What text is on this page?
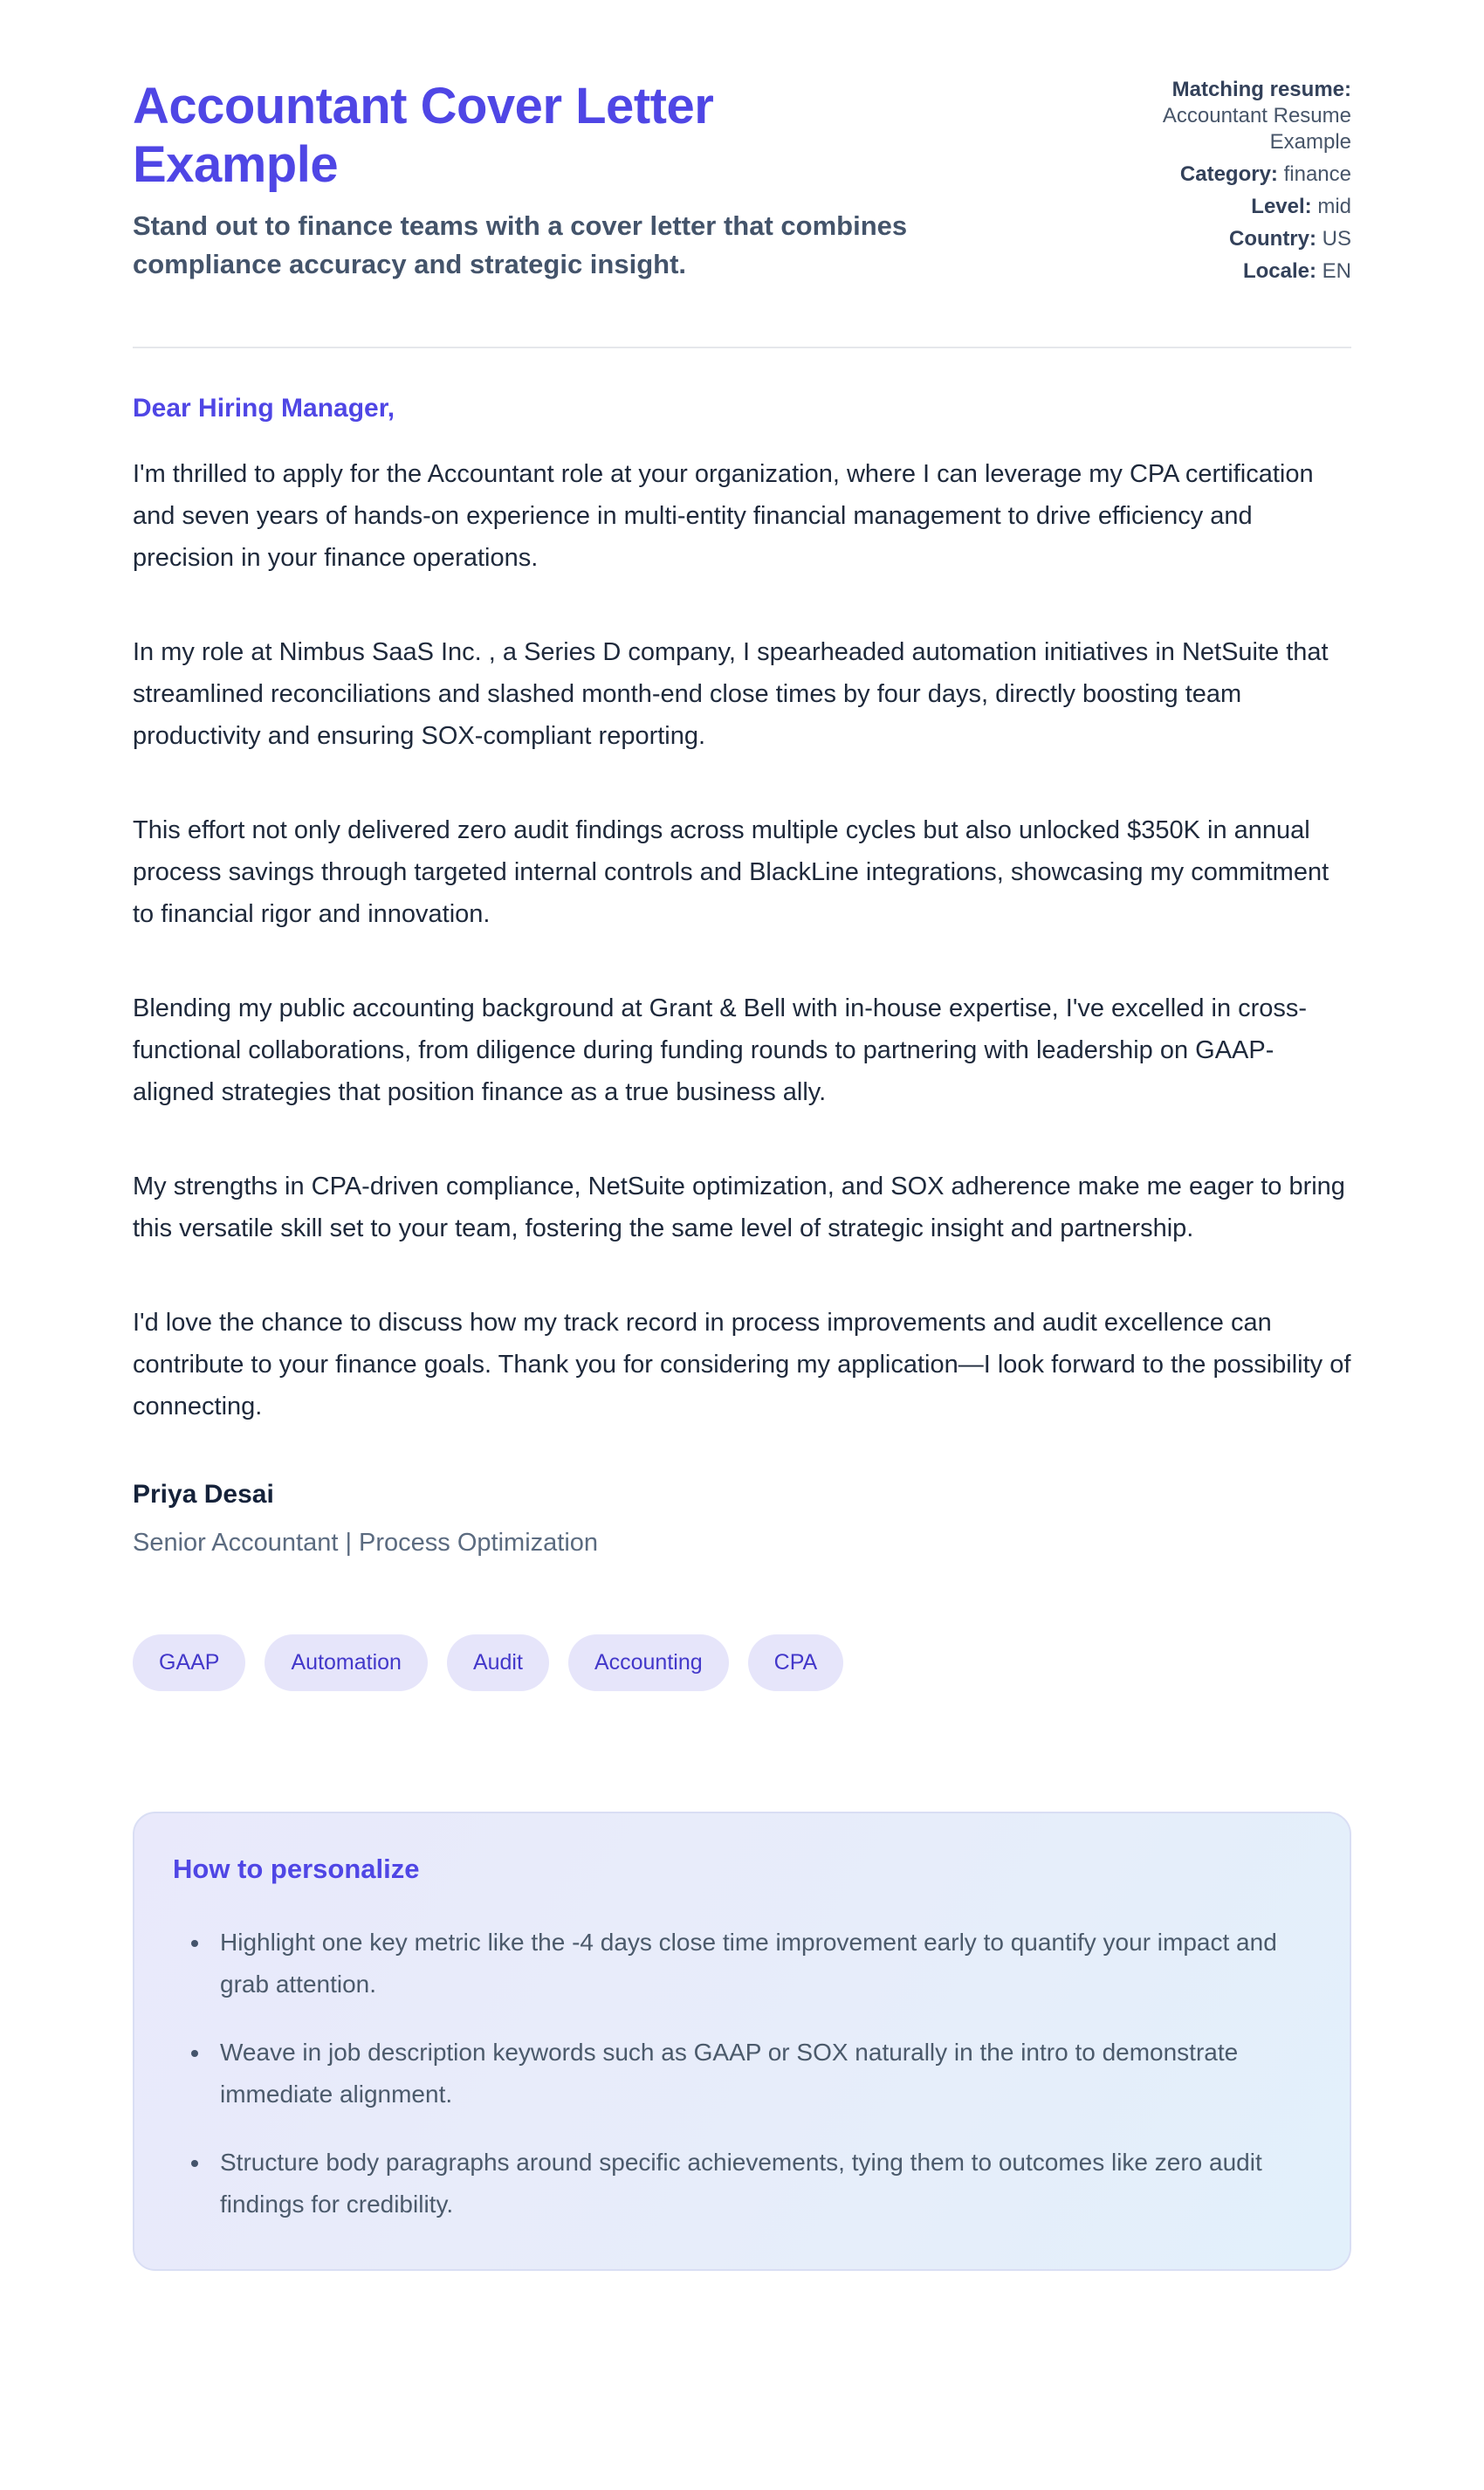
Accountant Cover Letter Example

Stand out to finance teams with a cover letter that combines compliance accuracy and strategic insight.

Matching resume: Accountant Resume Example
Category: finance
Level: mid
Country: US
Locale: EN

Dear Hiring Manager,

I'm thrilled to apply for the Accountant role at your organization, where I can leverage my CPA certification and seven years of hands-on experience in multi-entity financial management to drive efficiency and precision in your finance operations.

In my role at Nimbus SaaS Inc. , a Series D company, I spearheaded automation initiatives in NetSuite that streamlined reconciliations and slashed month-end close times by four days, directly boosting team productivity and ensuring SOX-compliant reporting.

This effort not only delivered zero audit findings across multiple cycles but also unlocked $350K in annual process savings through targeted internal controls and BlackLine integrations, showcasing my commitment to financial rigor and innovation.

Blending my public accounting background at Grant & Bell with in-house expertise, I've excelled in cross-functional collaborations, from diligence during funding rounds to partnering with leadership on GAAP-aligned strategies that position finance as a true business ally.

My strengths in CPA-driven compliance, NetSuite optimization, and SOX adherence make me eager to bring this versatile skill set to your team, fostering the same level of strategic insight and partnership.

I'd love the chance to discuss how my track record in process improvements and audit excellence can contribute to your finance goals. Thank you for considering my application—I look forward to the possibility of connecting.

Priya Desai

Senior Accountant | Process Optimization

GAAP	Automation	Audit	Accounting	CPA
How to personalize
• Highlight one key metric like the -4 days close time improvement early to quantify your impact and grab attention.
• Weave in job description keywords such as GAAP or SOX naturally in the intro to demonstrate immediate alignment.
• Structure body paragraphs around specific achievements, tying them to outcomes like zero audit findings for credibility.
